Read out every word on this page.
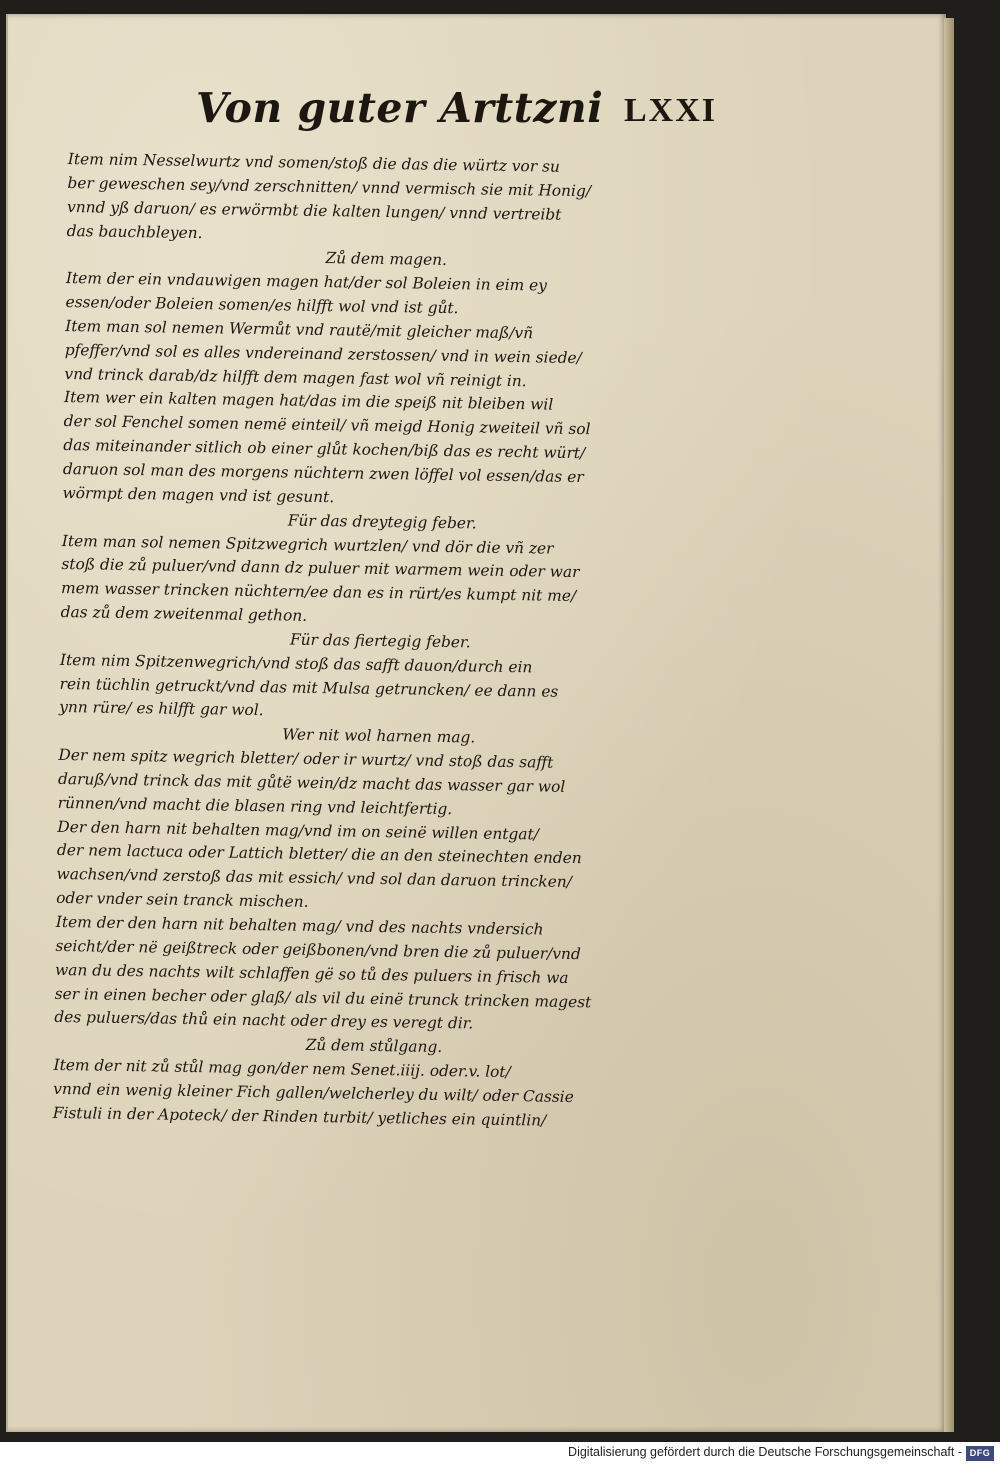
Von guter Arttzni LXXI
Item nim Nesselwurtz vnd somen/stoß die das die würtz vor su
ber geweschen sey/vnd zerschnitten/ vnnd vermisch sie mit Honig/
vnnd yß daruon/ es erwörmbt die kalten lungen/ vnnd vertreibt
das bauchbleyen.
Zů dem magen.
Item der ein vndauwigen magen hat/der sol Boleien in eim ey
essen/oder Boleien somen/es hilfft wol vnd ist gůt.
Item man sol nemen Wermůt vnd rautë/mit gleicher maß/vñ
pfeffer/vnd sol es alles vndereinand zerstossen/ vnd in wein siede/
vnd trinck darab/dz hilfft dem magen fast wol vñ reinigt in.
Item wer ein kalten magen hat/das im die speiß nit bleiben wil
der sol Fenchel somen nemë einteil/ vñ meigd Honig zweiteil vñ sol
das miteinander sitlich ob einer glůt kochen/biß das es recht würt/
daruon sol man des morgens nüchtern zwen löffel vol essen/das er
wörmpt den magen vnd ist gesunt.
Für das dreytegig feber.
Item man sol nemen Spitzwegrich wurtzlen/ vnd dör die vñ zer
stoß die zů puluer/vnd dann dz puluer mit warmem wein oder war
mem wasser trincken nüchtern/ee dan es in rürt/es kumpt nit me/
das zů dem zweitenmal gethon.
Für das fiertegig feber.
Item nim Spitzenwegrich/vnd stoß das safft dauon/durch ein
rein tüchlin getruckt/vnd das mit Mulsa getruncken/ ee dann es
ynn rüre/ es hilfft gar wol.
Wer nit wol harnen mag.
Der nem spitz wegrich bletter/ oder ir wurtz/ vnd stoß das safft
daruß/vnd trinck das mit gůtë wein/dz macht das wasser gar wol
rünnen/vnd macht die blasen ring vnd leichtfertig.
Der den harn nit behalten mag/vnd im on seinë willen entgat/
der nem lactuca oder Lattich bletter/ die an den steinechten enden
wachsen/vnd zerstoß das mit essich/ vnd sol dan daruon trincken/
oder vnder sein tranck mischen.
Item der den harn nit behalten mag/ vnd des nachts vndersich
seicht/der në geißtreck oder geißbonen/vnd bren die zů puluer/vnd
wan du des nachts wilt schlaffen gë so tů des puluers in frisch wa
ser in einen becher oder glaß/ als vil du einë trunck trincken magest
des puluers/das thů ein nacht oder drey es veregt dir.
Zů dem stůlgang.
Item der nit zů stůl mag gon/der nem Senet.iiij. oder.v. lot/
vnnd ein wenig kleiner Fich gallen/welcherley du wilt/ oder Cassie
Fistuli in der Apoteck/ der Rinden turbit/ yetliches ein quintlin/
Digitalisierung gefördert durch die Deutsche Forschungsgemeinschaft - DFG
